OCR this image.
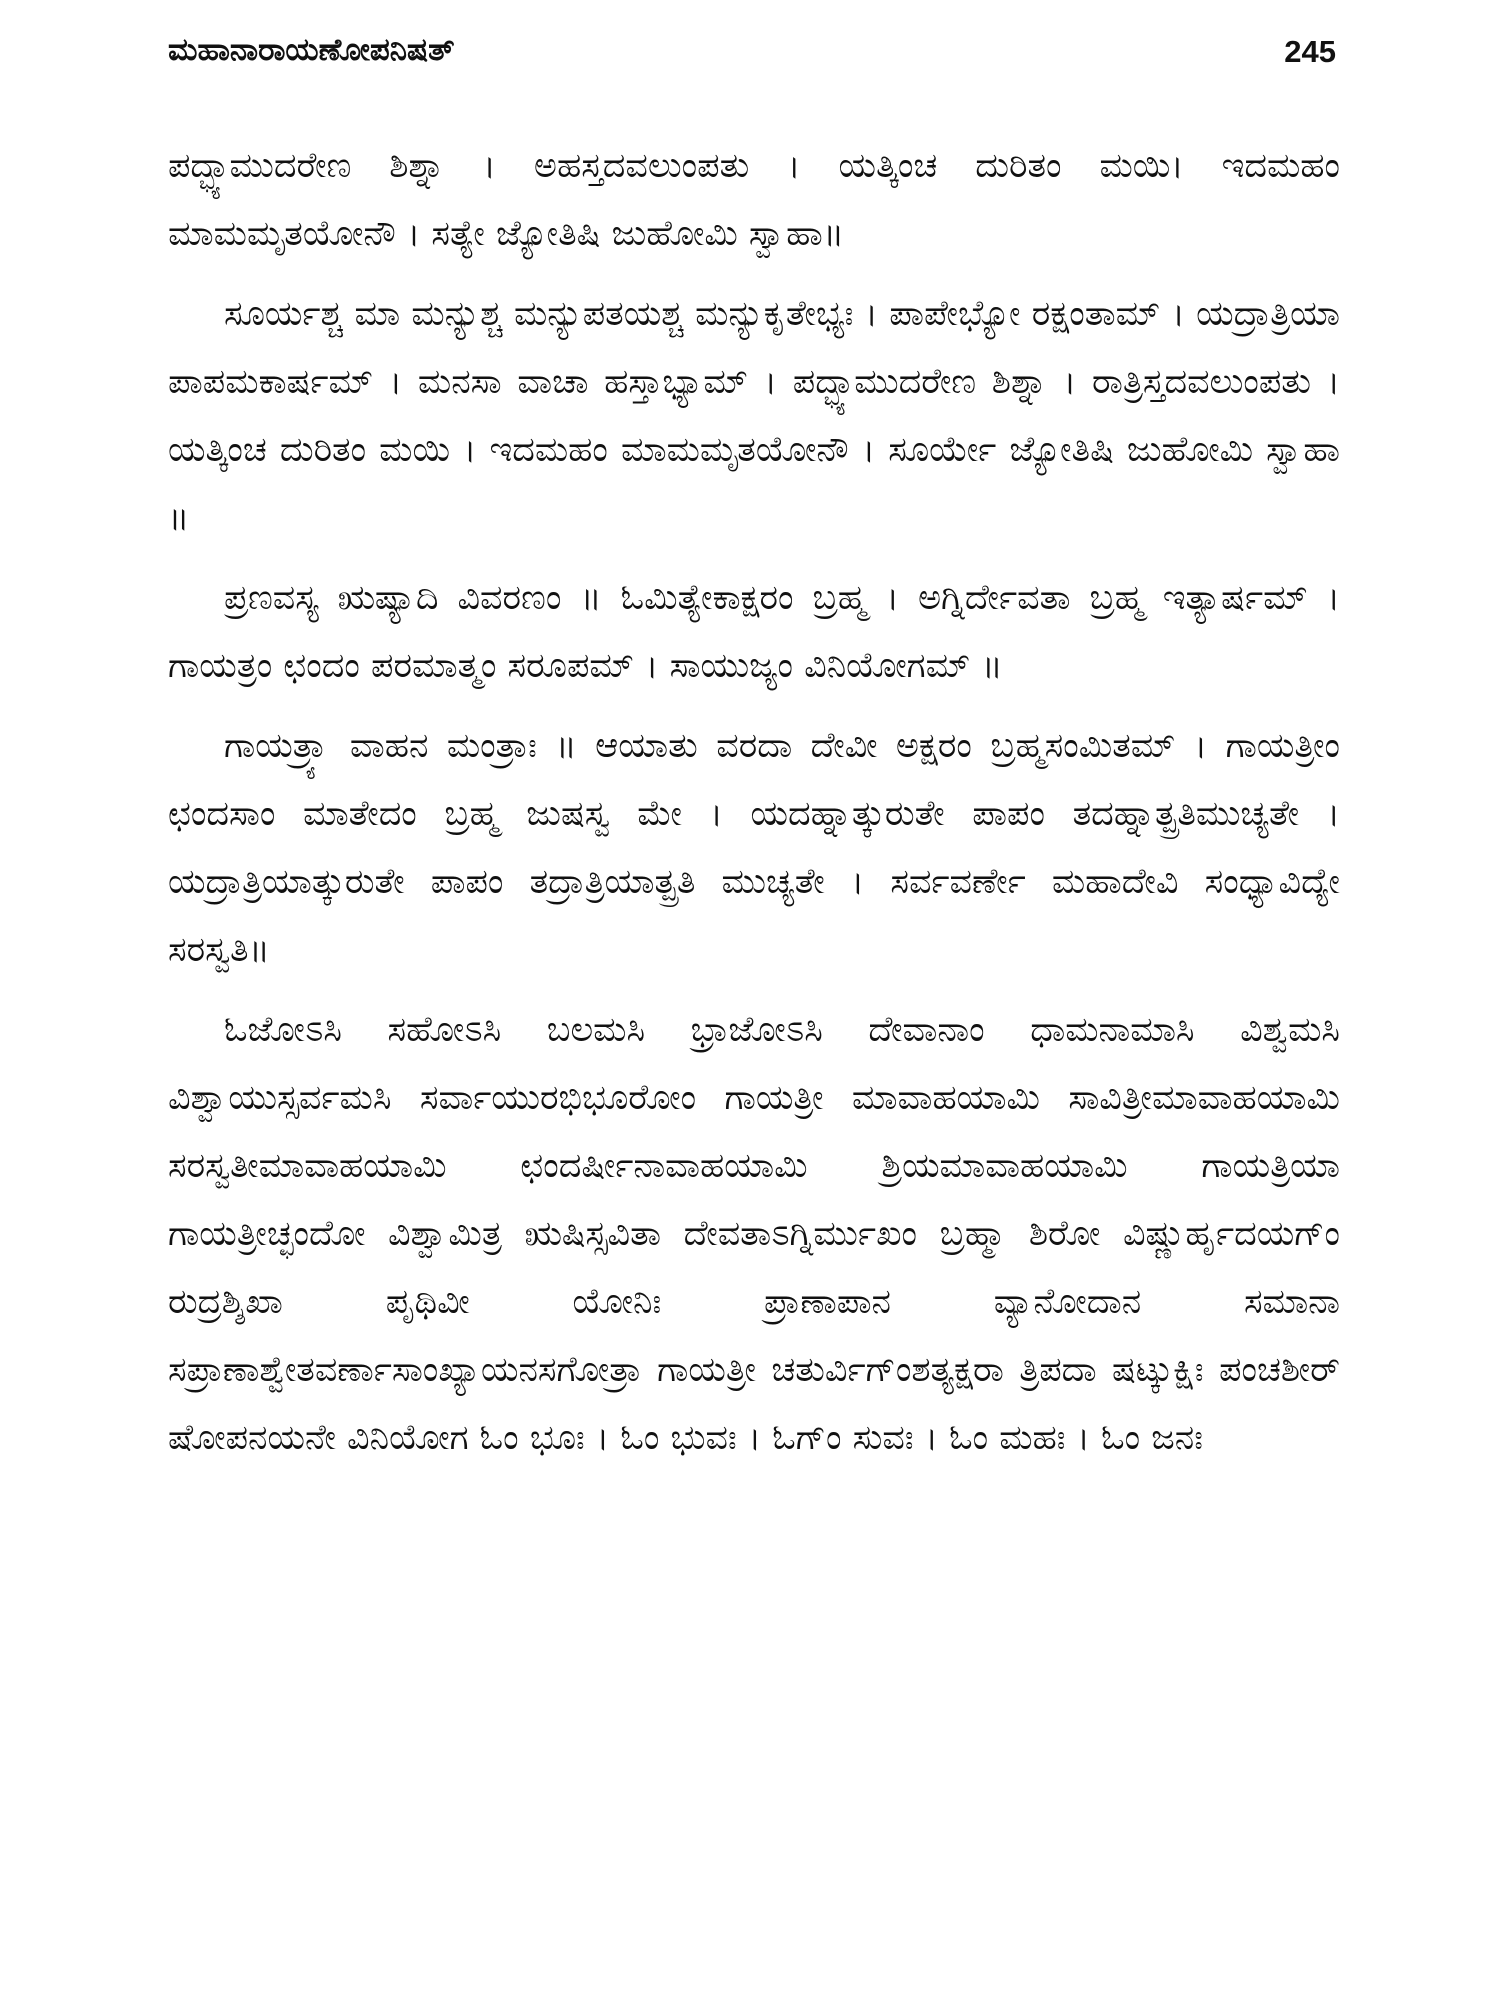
ಮಹಾನಾರಾಯಣೋಪನಿಷತ್	245

ಪದ್ಭ್ಯಾಮುದರೇಣ ಶಿಶ್ನಾ । ಅಹಸ್ತದವಲುಂಪತು । ಯತ್ಕಿಂಚ ದುರಿತಂ ಮಯಿ। ಇದಮಹಂ ಮಾಮಮೃತಯೋನೌ । ಸತ್ಯೇ ಜ್ಯೋತಿಷಿ ಜುಹೋಮಿ ಸ್ವಾಹಾ॥

ಸೂರ್ಯಶ್ಚ ಮಾ ಮನ್ಯುಶ್ಚ ಮನ್ಯುಪತಯಶ್ಚ ಮನ್ಯುಕೃತೇಭ್ಯಃ । ಪಾಪೇಭ್ಯೋ ರಕ್ಷಂತಾಮ್ । ಯದ್ರಾತ್ರಿಯಾ ಪಾಪಮಕಾರ್ಷಮ್ । ಮನಸಾ ವಾಚಾ ಹಸ್ತಾಭ್ಯಾಮ್ । ಪದ್ಭ್ಯಾಮುದರೇಣ ಶಿಶ್ನಾ । ರಾತ್ರಿಸ್ತದವಲುಂಪತು । ಯತ್ಕಿಂಚ ದುರಿತಂ ಮಯಿ । ಇದಮಹಂ ಮಾಮಮೃತಯೋನೌ । ಸೂರ್ಯೇ ಜ್ಯೋತಿಷಿ ಜುಹೋಮಿ ಸ್ವಾಹಾ ॥

ಪ್ರಣವಸ್ಯ ಋಷ್ಯಾದಿ ವಿವರಣಂ ॥ ಓಮಿತ್ಯೇಕಾಕ್ಷರಂ ಬ್ರಹ್ಮ । ಅಗ್ನಿರ್ದೇವತಾ ಬ್ರಹ್ಮ ಇತ್ಯಾರ್ಷಮ್ । ಗಾಯತ್ರಂ ಛಂದಂ ಪರಮಾತ್ಮಂ ಸರೂಪಮ್ । ಸಾಯುಜ್ಯಂ ವಿನಿಯೋಗಮ್ ॥

ಗಾಯತ್ರ್ಯಾ ವಾಹನ ಮಂತ್ರಾಃ ॥ ಆಯಾತು ವರದಾ ದೇವೀ ಅಕ್ಷರಂ ಬ್ರಹ್ಮಸಂಮಿತಮ್ । ಗಾಯತ್ರೀಂ ಛಂದಸಾಂ ಮಾತೇದಂ ಬ್ರಹ್ಮ ಜುಷಸ್ವ ಮೇ । ಯದಹ್ನಾತ್ಕುರುತೇ ಪಾಪಂ ತದಹ್ನಾತ್ಪ್ರತಿಮುಚ್ಯತೇ । ಯದ್ರಾತ್ರಿಯಾತ್ಕುರುತೇ ಪಾಪಂ ತದ್ರಾತ್ರಿಯಾತ್ಪ್ರತಿ ಮುಚ್ಯತೇ । ಸರ್ವವರ್ಣೇ ಮಹಾದೇವಿ ಸಂಧ್ಯಾವಿದ್ಯೇ ಸರಸ್ವತಿ॥

ಓಜೋಽಸಿ ಸಹೋಽಸಿ ಬಲಮಸಿ ಭ್ರಾಜೋಽಸಿ ದೇವಾನಾಂ ಧಾಮನಾಮಾಸಿ ವಿಶ್ವಮಸಿ ವಿಶ್ವಾಯುಸ್ಸರ್ವಮಸಿ ಸರ್ವಾಯುರಭಿಭೂರೋಂ ಗಾಯತ್ರೀ ಮಾವಾಹಯಾಮಿ ಸಾವಿತ್ರೀಮಾವಾಹಯಾಮಿ ಸರಸ್ವತೀಮಾವಾಹಯಾಮಿ ಛಂದರ್ಷೀನಾವಾಹಯಾಮಿ ಶ್ರಿಯಮಾವಾಹಯಾಮಿ ಗಾಯತ್ರಿಯಾ ಗಾಯತ್ರೀಚ್ಛಂದೋ ವಿಶ್ವಾಮಿತ್ರ ಋಷಿಸ್ಸವಿತಾ ದೇವತಾಽಗ್ನಿರ್ಮುಖಂ ಬ್ರಹ್ಮಾ ಶಿರೋ ವಿಷ್ಣುರ್ಹೃದಯಗ್ಂ ರುದ್ರಶ್ಶಿಖಾ ಪೃಥಿವೀ ಯೋನಿಃ ಪ್ರಾಣಾಪಾನ ವ್ಯಾನೋದಾನ ಸಮಾನಾ ಸಪ್ರಾಣಾಶ್ವೇತವರ್ಣಾಸಾಂಖ್ಯಾಯನಸಗೋತ್ರಾ ಗಾಯತ್ರೀ ಚತುರ್ವಿಗ್ಂಶತ್ಯಕ್ಷರಾ ತ್ರಿಪದಾ ಷಟ್ಕುಕ್ಷಿಃ ಪಂಚಶೀರ್ ಷೋಪನಯನೇ ವಿನಿಯೋಗ ಓಂ ಭೂಃ । ಓಂ ಭುವಃ । ಓಗ್ಂ ಸುವಃ । ಓಂ ಮಹಃ । ಓಂ ಜನಃ
